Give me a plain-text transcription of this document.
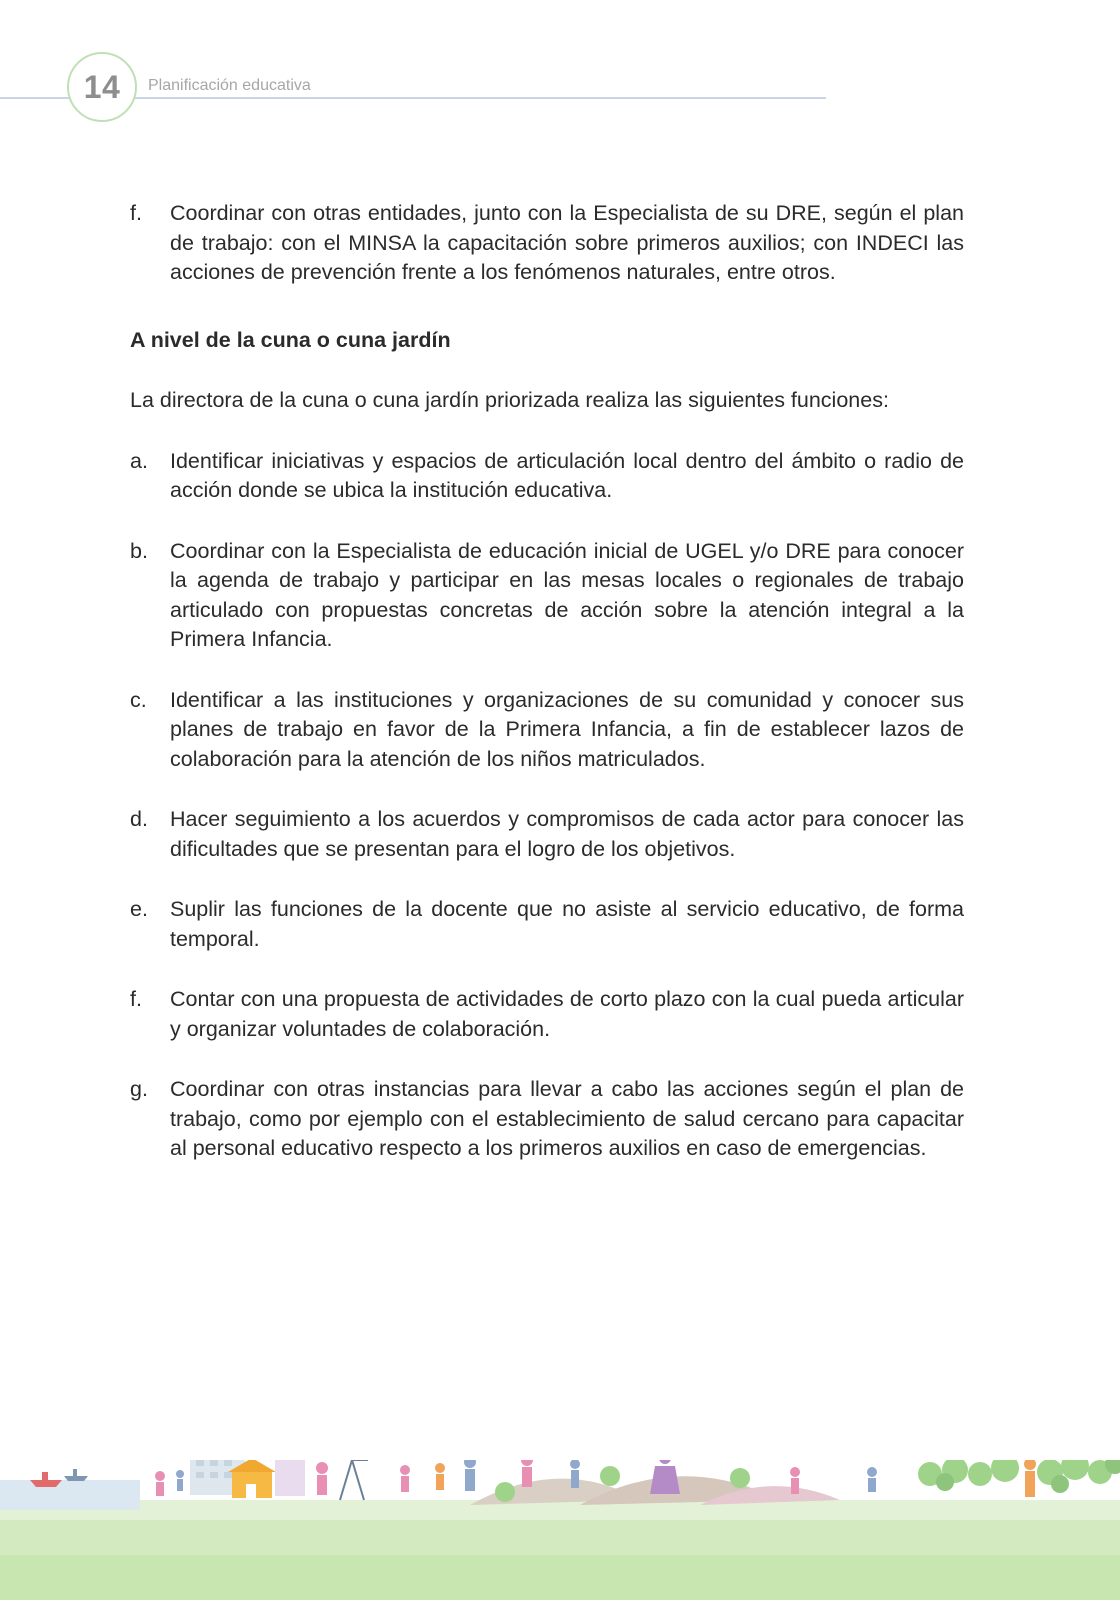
14 Planificación educativa
f.	Coordinar con otras entidades, junto con la Especialista de su DRE, según el plan de trabajo: con el MINSA la capacitación sobre primeros auxilios; con INDECI las acciones de prevención frente a los fenómenos naturales, entre otros.
A nivel de la cuna o cuna jardín
La directora de la cuna o cuna jardín priorizada realiza las siguientes funciones:
a.	Identificar iniciativas y espacios de articulación local dentro del ámbito o radio de acción donde se ubica la institución educativa.
b.	Coordinar con la Especialista de educación inicial de UGEL y/o DRE para conocer la agenda de trabajo y participar en las mesas locales o regionales de trabajo articulado con propuestas concretas de acción sobre la atención integral a la Primera Infancia.
c.	Identificar a las instituciones y organizaciones de su comunidad y conocer sus planes de trabajo en favor de la Primera Infancia, a fin de establecer lazos de colaboración para la atención de los niños matriculados.
d.	Hacer seguimiento a los acuerdos y compromisos de cada actor para conocer las dificultades que se presentan para el logro de los objetivos.
e.	Suplir las funciones de la docente que no asiste al servicio educativo, de forma temporal.
f.	Contar con una propuesta de actividades de corto plazo con la cual pueda articular y organizar voluntades de colaboración.
g.	Coordinar con otras instancias para llevar a cabo las acciones según el plan de trabajo, como por ejemplo con el establecimiento de salud cercano para capacitar al personal educativo respecto a los primeros auxilios en caso de emergencias.
